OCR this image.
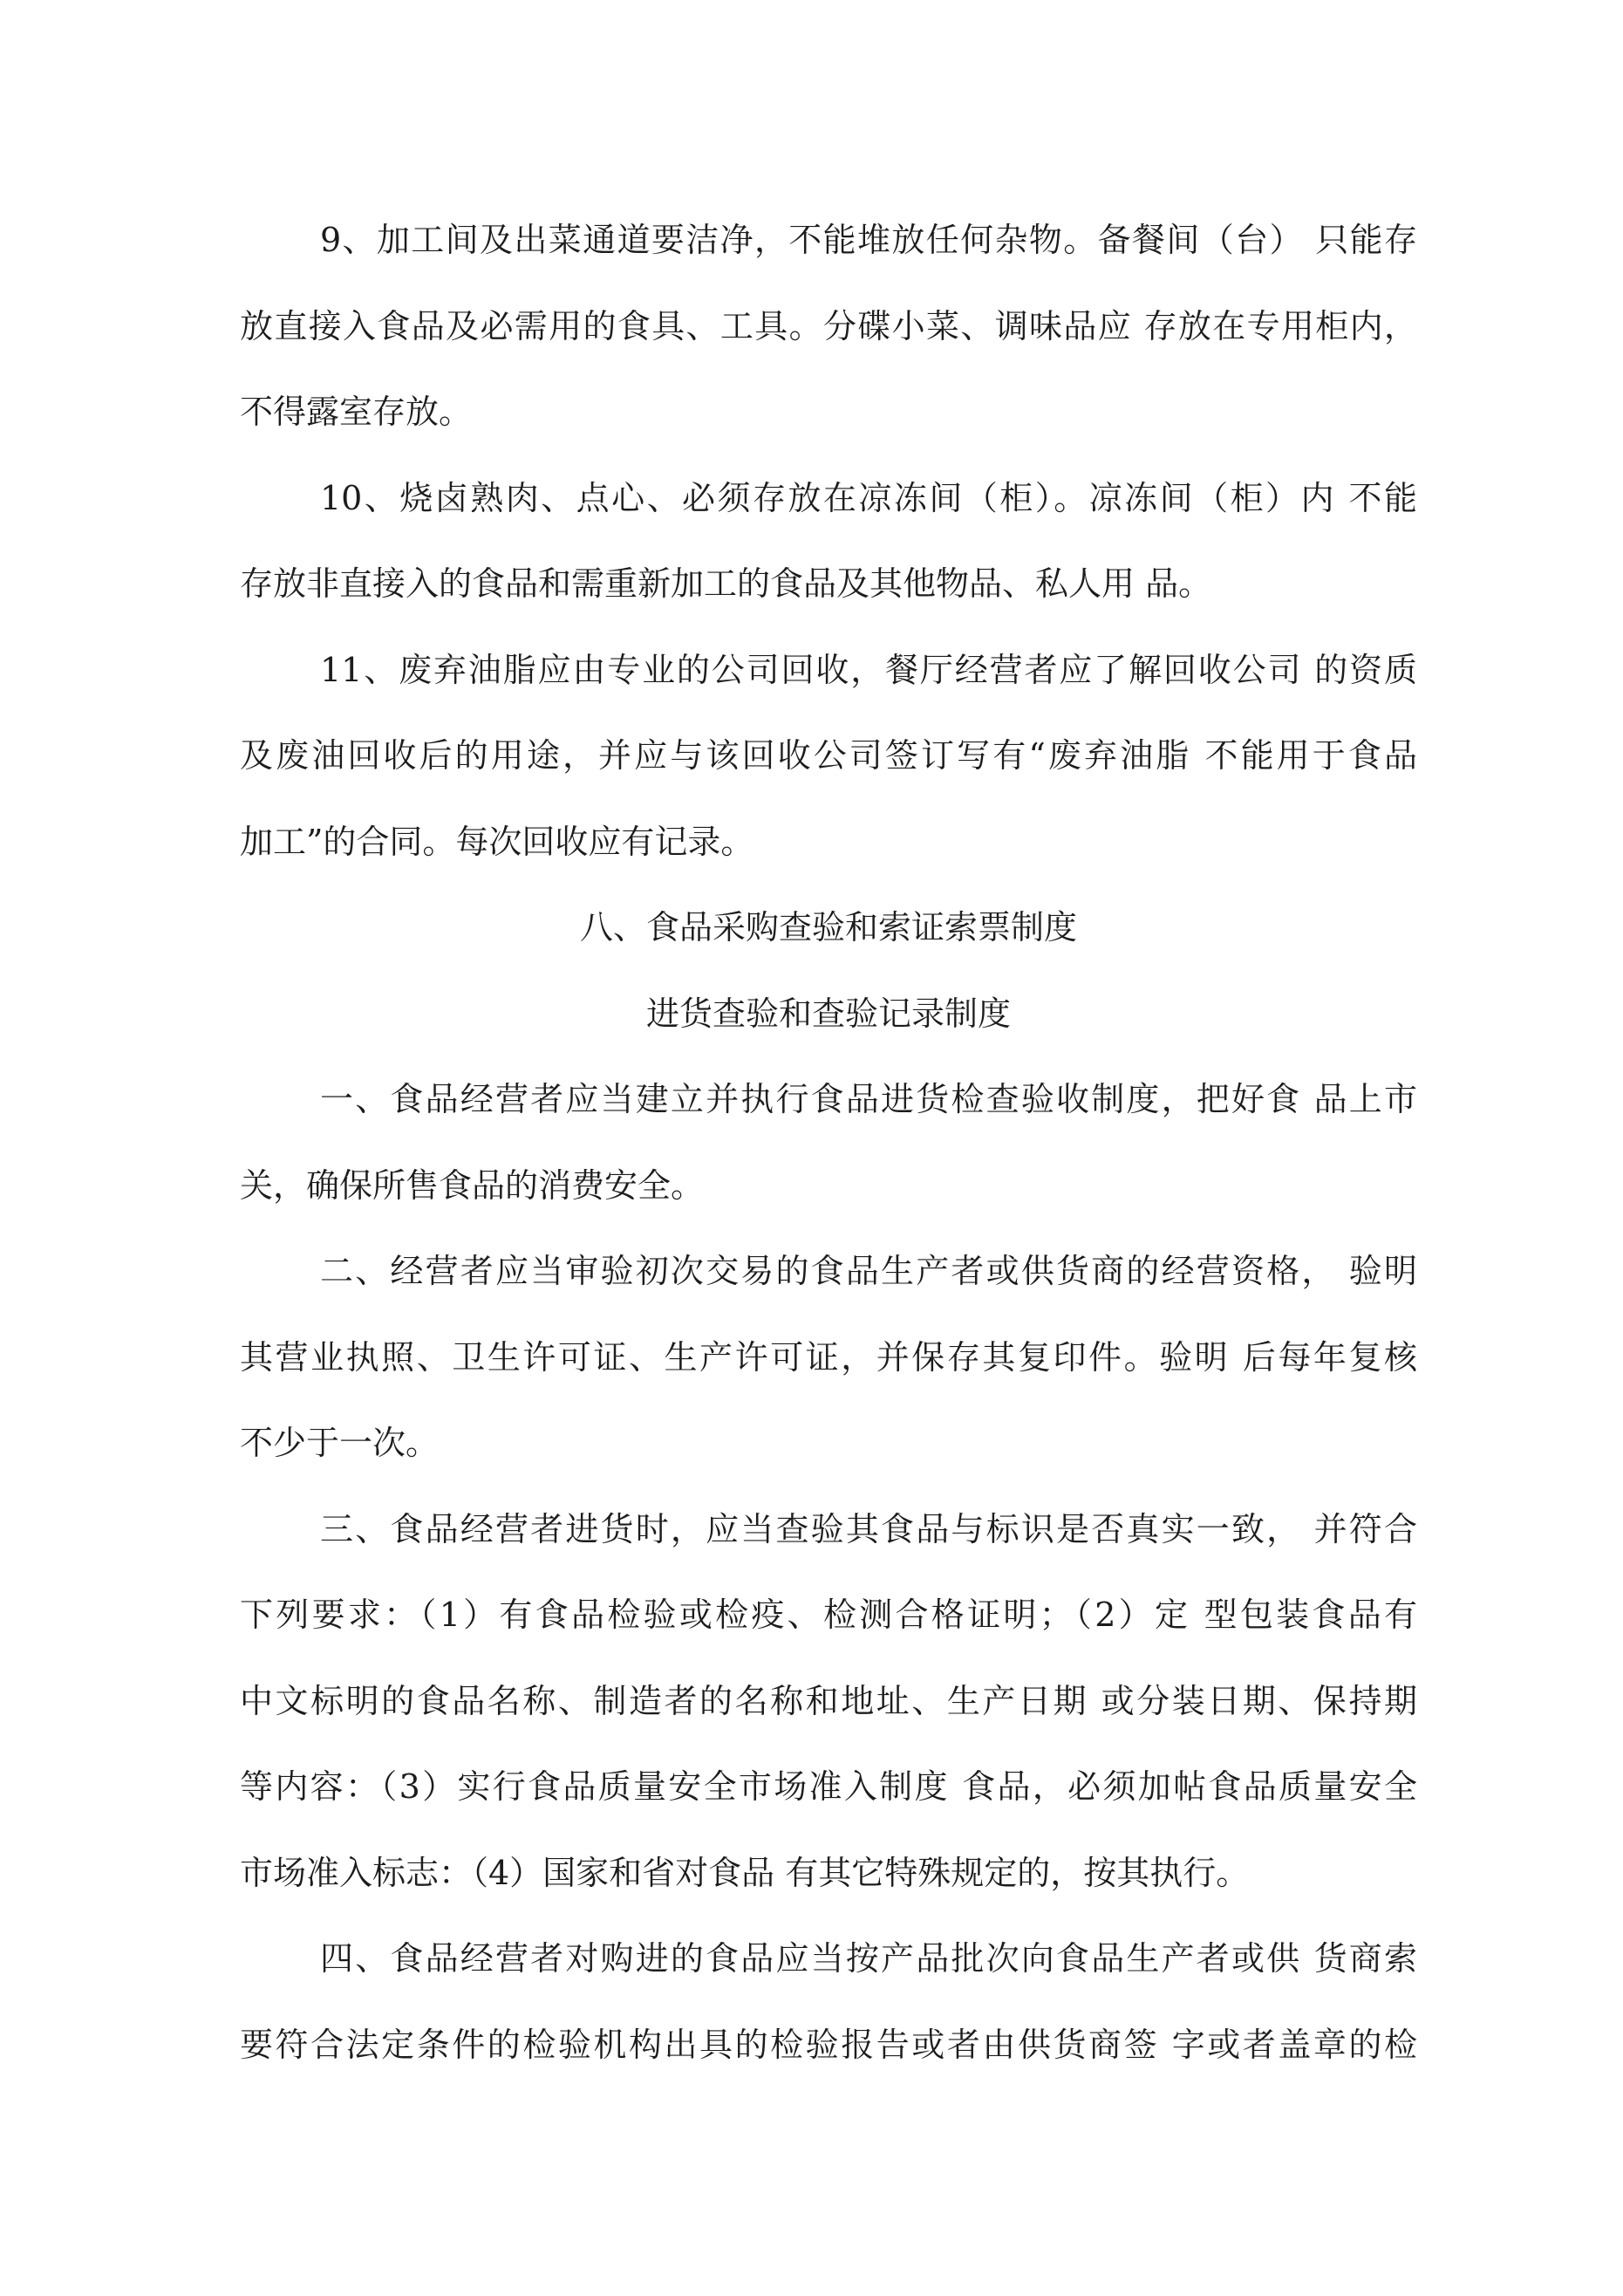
9、加工间及出菜通道要洁净，不能堆放任何杂物。备餐间（台） 只能存
放直接入食品及必需用的食具、工具。分碟小菜、调味品应 存放在专用柜内，
不得露室存放。
10、烧卤熟肉、点心、必须存放在凉冻间（柜）。凉冻间（柜）内 不能
存放非直接入的食品和需重新加工的食品及其他物品、私人用 品。
11、废弃油脂应由专业的公司回收，餐厅经营者应了解回收公司 的资质
及废油回收后的用途，并应与该回收公司签订写有“废弃油脂 不能用于食品
加工”的合同。每次回收应有记录。
八、食品采购查验和索证索票制度
进货查验和查验记录制度
一、食品经营者应当建立并执行食品进货检查验收制度，把好食 品上市
关，确保所售食品的消费安全。
二、经营者应当审验初次交易的食品生产者或供货商的经营资格， 验明
其营业执照、卫生许可证、生产许可证，并保存其复印件。验明 后每年复核
不少于一次。
三、食品经营者进货时，应当查验其食品与标识是否真实一致， 并符合
下列要求：（1）有食品检验或检疫、检测合格证明；（2）定 型包装食品有
中文标明的食品名称、制造者的名称和地址、生产日期 或分装日期、保持期
等内容：（3）实行食品质量安全市场准入制度 食品，必须加帖食品质量安全
市场准入标志：（4）国家和省对食品 有其它特殊规定的，按其执行。
四、食品经营者对购进的食品应当按产品批次向食品生产者或供 货商索
要符合法定条件的检验机构出具的检验报告或者由供货商签 字或者盖章的检
